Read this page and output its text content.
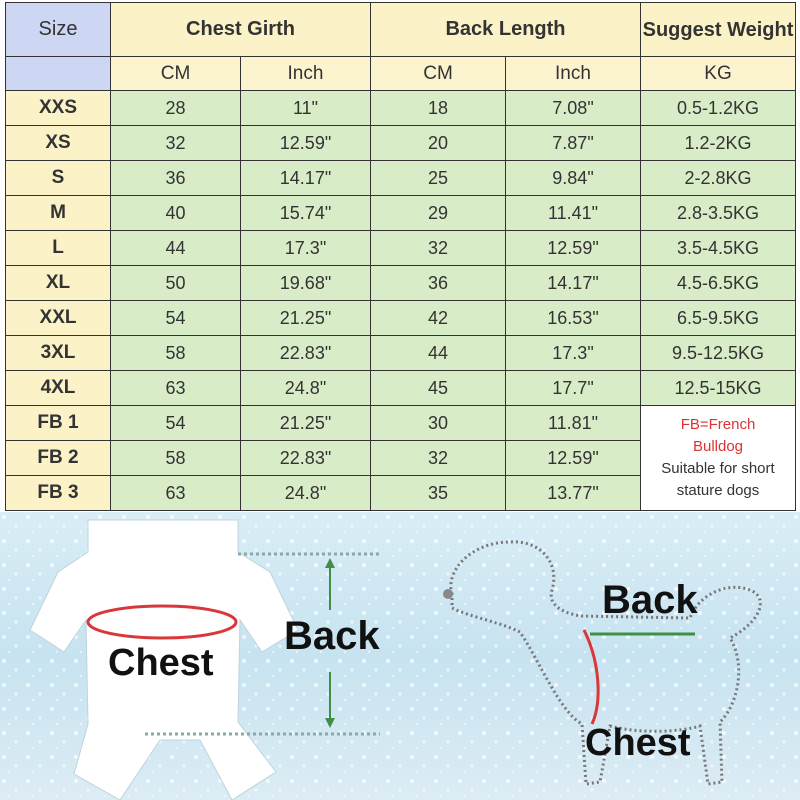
Size	Chest Girth		Back Length		Suggest Weight
	CM	Inch	CM	Inch	KG
XXS	28	11"	18	7.08"	0.5-1.2KG
XS	32	12.59"	20	7.87"	1.2-2KG
S	36	14.17"	25	9.84"	2-2.8KG
M	40	15.74"	29	11.41"	2.8-3.5KG
L	44	17.3"	32	12.59"	3.5-4.5KG
XL	50	19.68"	36	14.17"	4.5-6.5KG
XXL	54	21.25"	42	16.53"	6.5-9.5KG
3XL	58	22.83"	44	17.3"	9.5-12.5KG
4XL	63	24.8"	45	17.7"	12.5-15KG
FB 1	54	21.25"	30	11.81"	FB=French
Bulldog
Suitable for short
stature dogs

FB 2	58	22.83"	32	12.59"	
FB 3	63	24.8"	35	13.77"	
Chest
Back
Back
Chest
